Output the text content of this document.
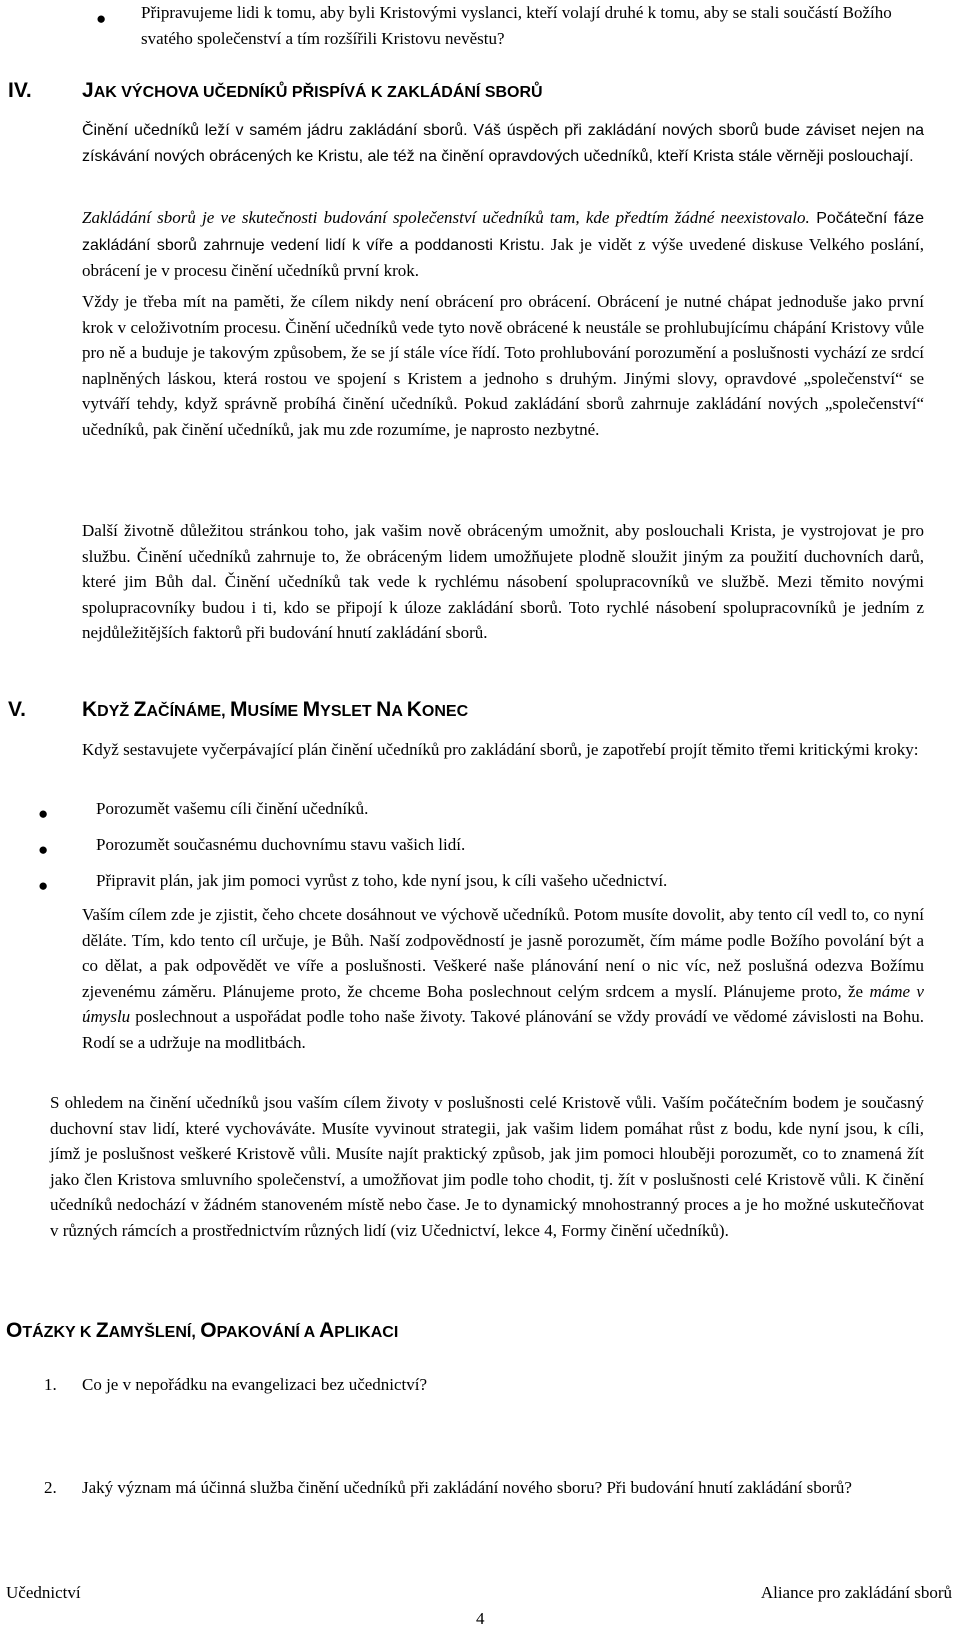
● Připravujeme lidi k tomu, aby byli Kristovými vyslanci, kteří volají druhé k tomu, aby se stali součástí Božího svatého společenství a tím rozšířili Kristovu nevěstu?

IV. JAK VÝCHOVA UČEDNÍKŮ PŘISPÍVÁ K ZAKLÁDÁNÍ SBORŮ

Činění učedníků leží v samém jádru zakládání sborů. Váš úspěch při zakládání nových sborů bude záviset nejen na získávání nových obrácených ke Kristu, ale též na činění opravdových učedníků, kteří Krista stále věrněji poslouchají.

Zakládání sborů je ve skutečnosti budování společenství učedníků tam, kde předtím žádné neexistovalo. Počáteční fáze zakládání sborů zahrnuje vedení lidí k víře a poddanosti Kristu. Jak je vidět z výše uvedené diskuse Velkého poslání, obrácení je v procesu činění učedníků první krok.

Vždy je třeba mít na paměti, že cílem nikdy není obrácení pro obrácení. Obrácení je nutné chápat jednoduše jako první krok v celoživotním procesu. Činění učedníků vede tyto nově obrácené k neustále se prohlubujícímu chápání Kristovy vůle pro ně a buduje je takovým způsobem, že se jí stále více řídí. Toto prohlubování porozumění a poslušnosti vychází ze srdcí naplněných láskou, která rostou ve spojení s Kristem a jednoho s druhým. Jinými slovy, opravdové „společenství“ se vytváří tehdy, když správně probíhá činění učedníků. Pokud zakládání sborů zahrnuje zakládání nových „společenství“ učedníků, pak činění učedníků, jak mu zde rozumíme, je naprosto nezbytné.

Další životně důležitou stránkou toho, jak vašim nově obráceným umožnit, aby poslouchali Krista, je vystrojovat je pro službu. Činění učedníků zahrnuje to, že obráceným lidem umožňujete plodně sloužit jiným za použití duchovních darů, které jim Bůh dal. Činění učedníků tak vede k rychlému násobení spolupracovníků ve službě. Mezi těmito novými spolupracovníky budou i ti, kdo se připojí k úloze zakládání sborů. Toto rychlé násobení spolupracovníků je jedním z nejdůležitějších faktorů při budování hnutí zakládání sborů.

V.	KDYŽ ZAČÍNÁME, MUSÍME MYSLET NA KONEC

Když sestavujete vyčerpávající plán činění učedníků pro zakládání sborů, je zapotřebí projít těmito třemi kritickými kroky:

●	Porozumět vašemu cíli činění učedníků.

●	Porozumět současnému duchovnímu stavu vašich lidí.

●	Připravit plán, jak jim pomoci vyrůst z toho, kde nyní jsou, k cíli vašeho učednictví.

Vaším cílem zde je zjistit, čeho chcete dosáhnout ve výchově učedníků. Potom musíte dovolit, aby tento cíl vedl to, co nyní děláte. Tím, kdo tento cíl určuje, je Bůh. Naší zodpovědností je jasně porozumět, čím máme podle Božího povolání být a co dělat, a pak odpovědět ve víře a poslušnosti. Veškeré naše plánování není o nic víc, než poslušná odezva Božímu zjevenému záměru. Plánujeme proto, že chceme Boha poslechnout celým srdcem a myslí. Plánujeme proto, že máme v úmyslu poslechnout a uspořádat podle toho naše životy. Takové plánování se vždy provádí ve vědomé závislosti na Bohu. Rodí se a udržuje na modlitbách.

S ohledem na činění učedníků jsou vaším cílem životy v poslušnosti celé Kristově vůli. Vaším počátečním bodem je současný duchovní stav lidí, které vychováváte. Musíte vyvinout strategii, jak vašim lidem pomáhat růst z bodu, kde nyní jsou, k cíli, jímž je poslušnost veškeré Kristově vůli. Musíte najít praktický způsob, jak jim pomoci hlouběji porozumět, co to znamená žít jako člen Kristova smluvního společenství, a umožňovat jim podle toho chodit, tj. žít v poslušnosti celé Kristově vůli. K činění učedníků nedochází v žádném stanoveném místě nebo čase. Je to dynamický mnohostranný proces a je ho možné uskutečňovat v různých rámcích a prostřednictvím různých lidí (viz Učednictví, lekce 4, Formy činění učedníků).

OTÁZKY K ZAMYŠLENÍ, OPAKOVÁNÍ A APLIKACI
1. Co je v nepořádku na evangelizaci bez učednictví?

2. Jaký význam má účinná služba činění učedníků při zakládání nového sboru? Při budování hnutí zakládání sborů?

Učednictví	Aliance pro zakládání sborů
4
